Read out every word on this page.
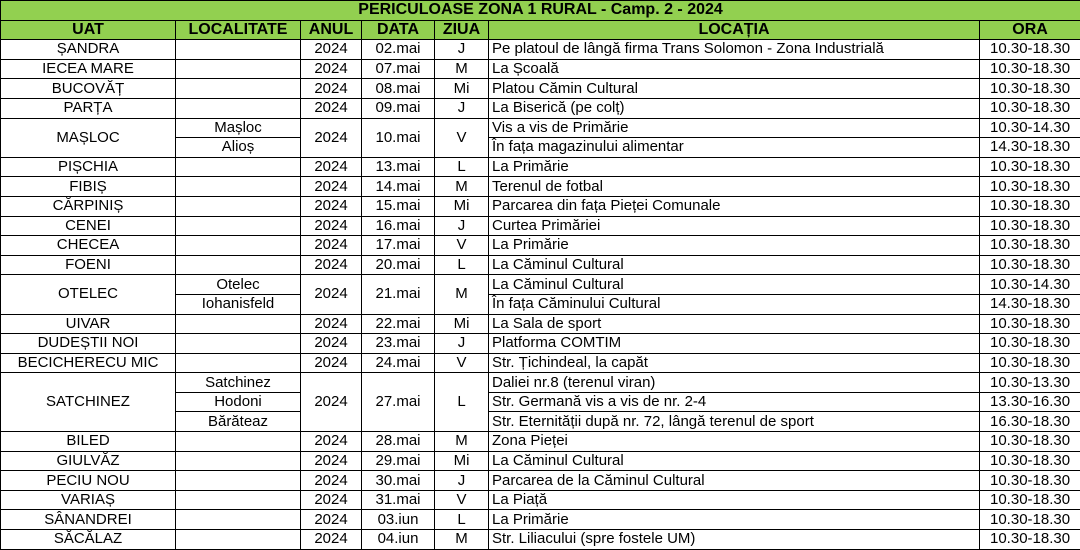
PERICULOASE ZONA 1 RURAL - Camp. 2 - 2024						
UAT	LOCALITATE	ANUL	DATA	ZIUA	LOCAȚIA	ORA
ȘANDRA		2024	02.mai	J	Pe platoul de lângă firma Trans Solomon - Zona Industrială	10.30-18.30
IECEA MARE		2024	07.mai	M	La Școală	10.30-18.30
BUCOVĂȚ		2024	08.mai	Mi	Platou Cămin Cultural	10.30-18.30
PARȚA		2024	09.mai	J	La Biserică (pe colț)	10.30-18.30
MAȘLOC	Mașloc	2024	10.mai	V	Vis a vis de Primărie	10.30-14.30
	Alioș				În fața magazinului alimentar	14.30-18.30
PIȘCHIA		2024	13.mai	L	La Primărie	10.30-18.30
FIBIȘ		2024	14.mai	M	Terenul de fotbal	10.30-18.30
CĂRPINIȘ		2024	15.mai	Mi	Parcarea din fața Pieței Comunale	10.30-18.30
CENEI		2024	16.mai	J	Curtea Primăriei	10.30-18.30
CHECEA		2024	17.mai	V	La Primărie	10.30-18.30
FOENI		2024	20.mai	L	La Căminul Cultural	10.30-18.30
OTELEC	Otelec	2024	21.mai	M	La Căminul Cultural	10.30-14.30
	Iohanisfeld				În fața Căminului Cultural	14.30-18.30
UIVAR		2024	22.mai	Mi	La Sala de sport	10.30-18.30
DUDEȘTII NOI		2024	23.mai	J	Platforma COMTIM	10.30-18.30
BECICHERECU MIC		2024	24.mai	V	Str. Țichindeal, la capăt	10.30-18.30
SATCHINEZ	Satchinez	2024	27.mai	L	Daliei nr.8 (terenul viran)	10.30-13.30
	Hodoni				Str. Germană vis a vis de nr. 2-4	13.30-16.30
	Bărăteaz				Str. Eternității după nr. 72, lângă terenul de sport	16.30-18.30
BILED		2024	28.mai	M	Zona Pieței	10.30-18.30
GIULVĂZ		2024	29.mai	Mi	La Căminul Cultural	10.30-18.30
PECIU NOU		2024	30.mai	J	Parcarea de la Căminul Cultural	10.30-18.30
VARIAȘ		2024	31.mai	V	La Piață	10.30-18.30
SÂNANDREI		2024	03.iun	L	La Primărie	10.30-18.30
SĂCĂLAZ		2024	04.iun	M	Str. Liliacului (spre fostele UM)	10.30-18.30
